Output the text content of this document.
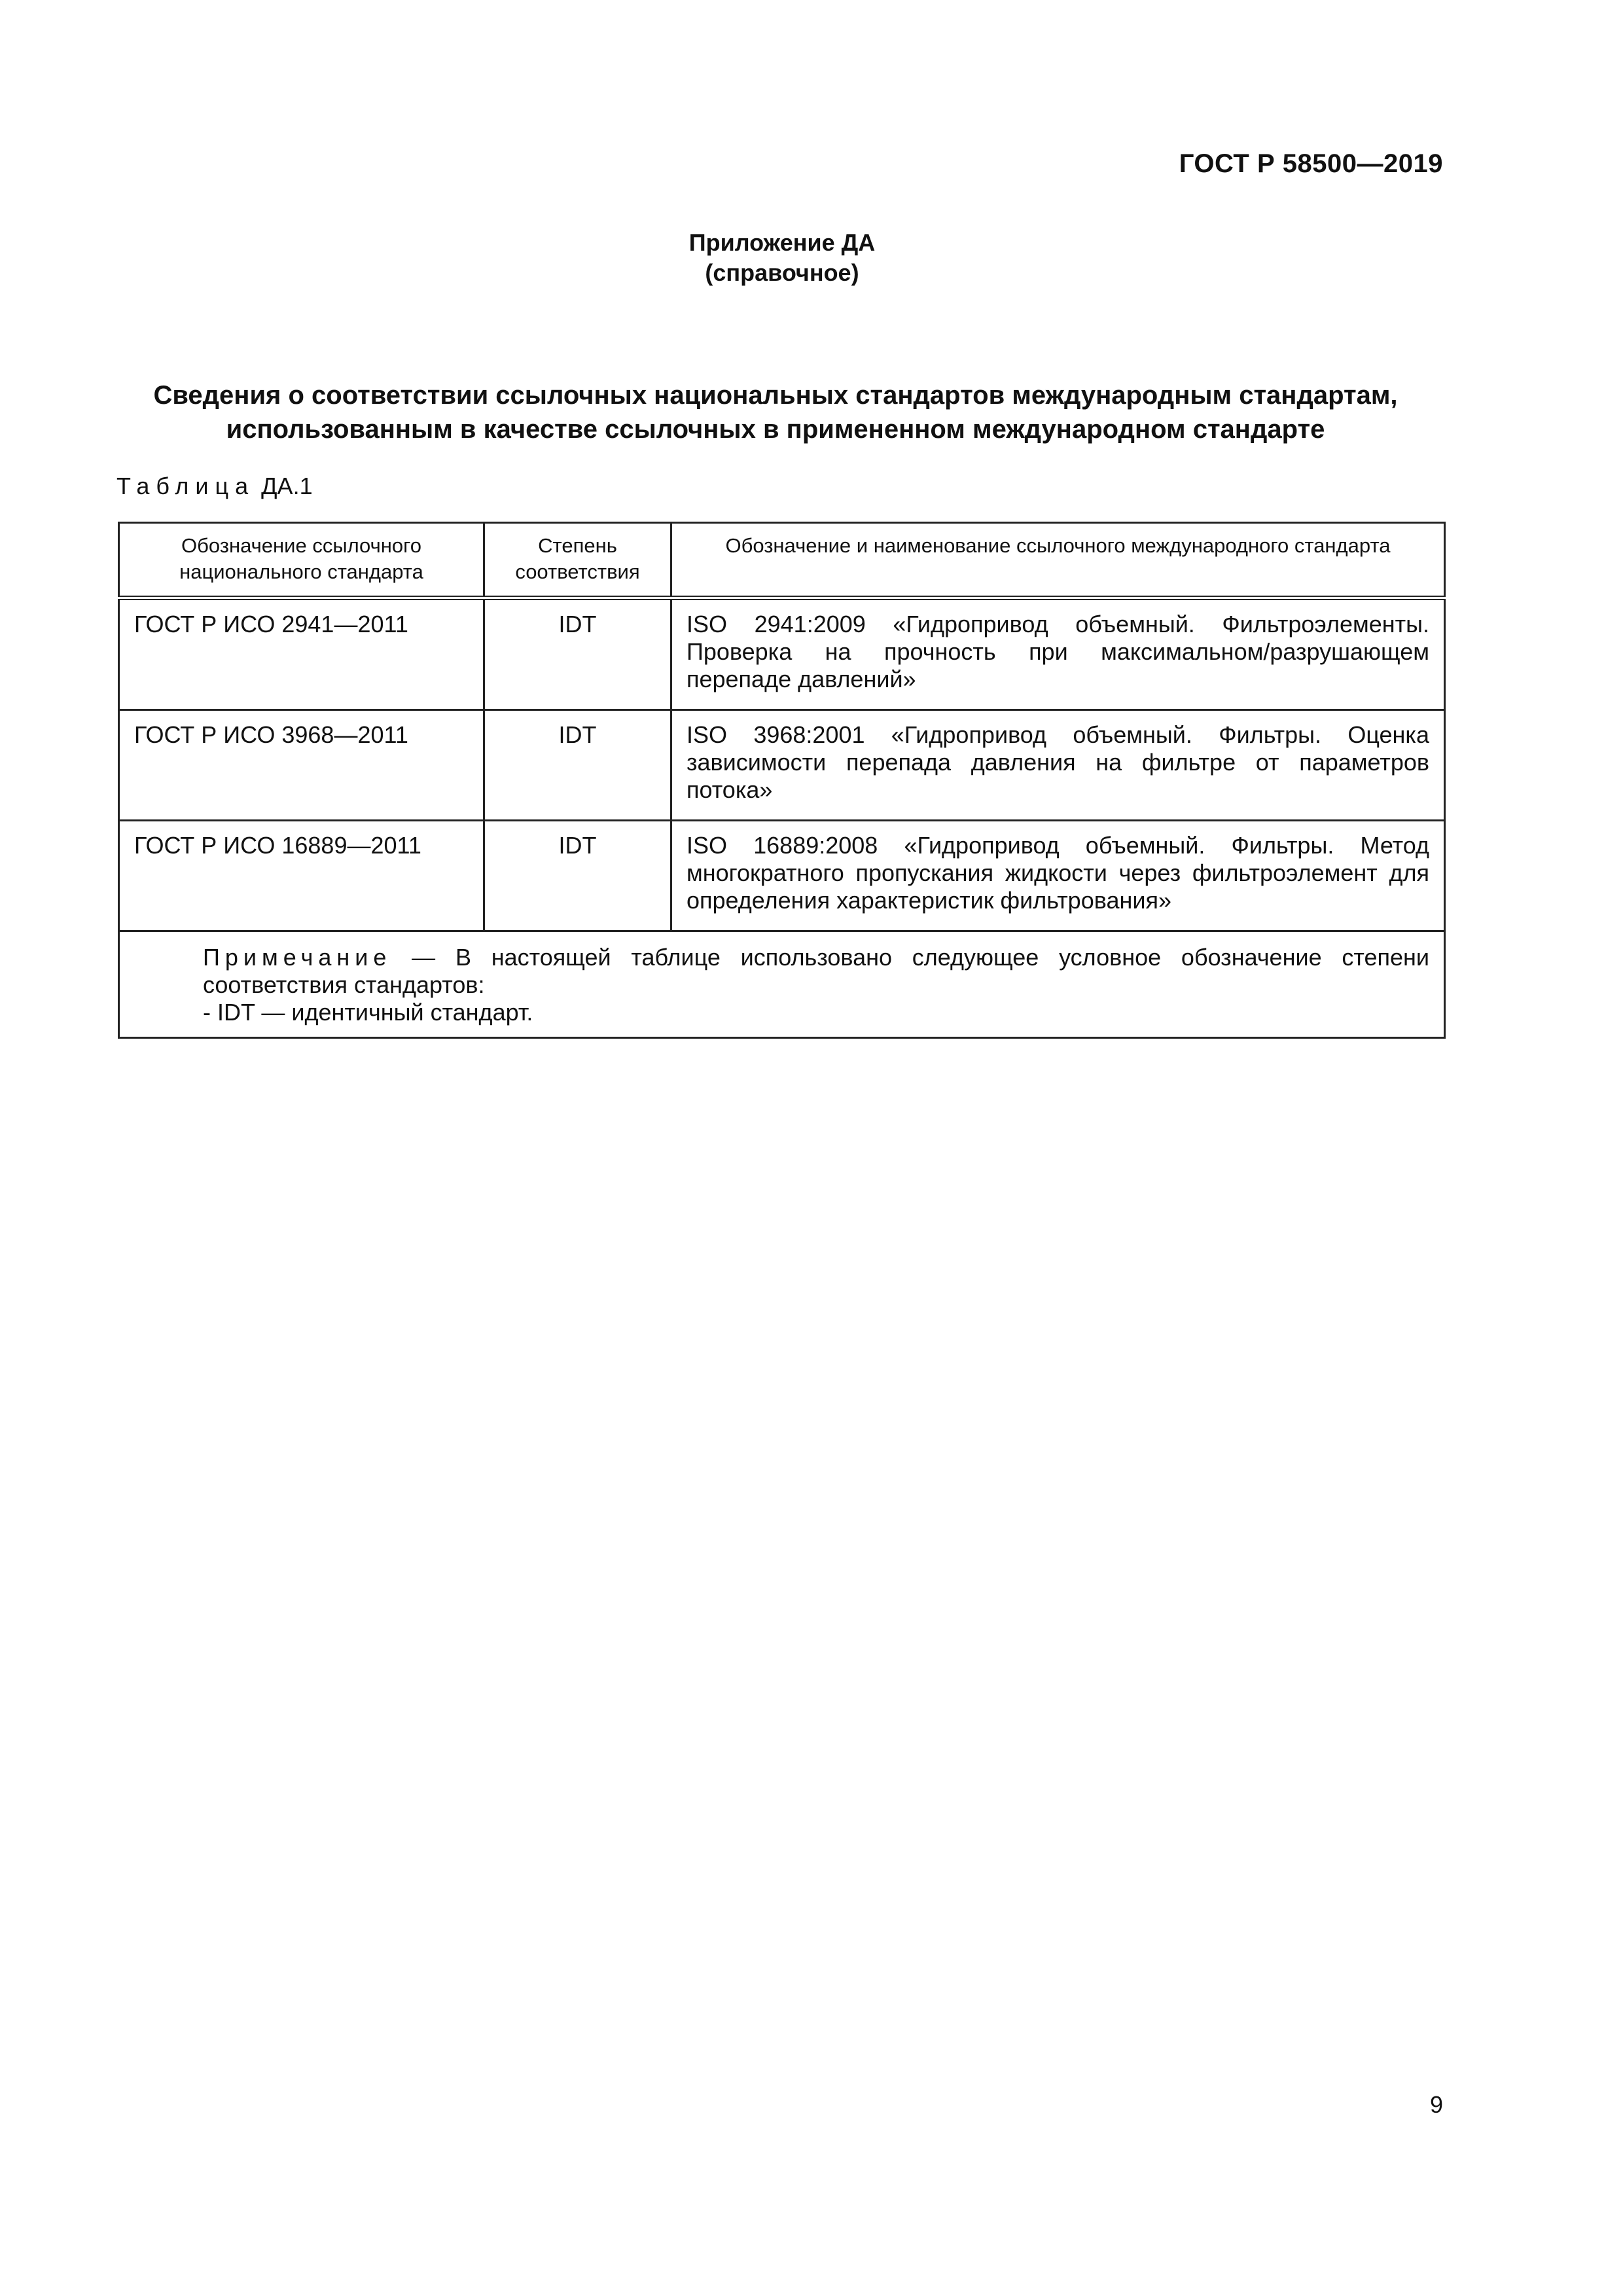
ГОСТ Р 58500—2019
Приложение ДА
(справочное)
Сведения о соответствии ссылочных национальных стандартов международным стандартам,
использованным в качестве ссылочных в примененном международном стандарте
Таблица ДА.1
Обозначение ссылочного национального стандарта	Степень соответствия	Обозначение и наименование ссылочного международного стандарта
ГОСТ Р ИСО 2941—2011	IDT	ISO 2941:2009 «Гидропривод объемный. Фильтроэлементы. Проверка на прочность при максимальном/разрушающем перепаде давлений»
ГОСТ Р ИСО 3968—2011	IDT	ISO 3968:2001 «Гидропривод объемный. Фильтры. Оценка зависимости перепада давления на фильтре от параметров потока»
ГОСТ Р ИСО 16889—2011	IDT	ISO 16889:2008 «Гидропривод объемный. Фильтры. Метод многократного пропускания жидкости через фильтроэлемент для определения характеристик фильтрования»

Примечание — В настоящей таблице использовано следующее условное обозначение степени соответствия стандартов:
- IDT — идентичный стандарт.		
9
